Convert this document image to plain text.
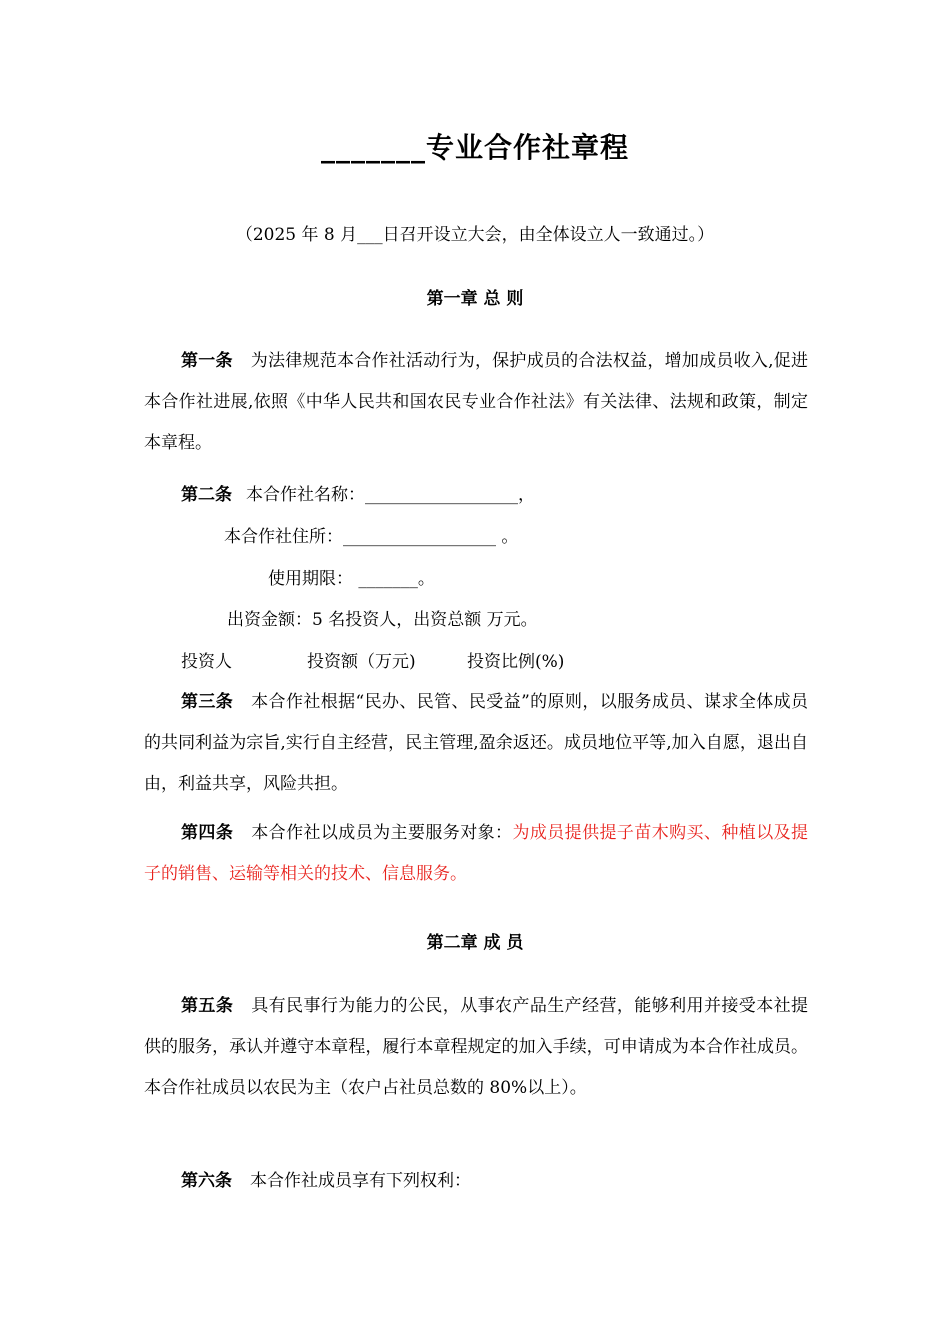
_______专业合作社章程
（2025 年 8 月___日召开设立大会，由全体设立人一致通过。）
第一章 总 则
第一条 为法律规范本合作社活动行为，保护成员的合法权益，增加成员收入,促进本合作社进展,依照《中华人民共和国农民专业合作社法》有关法律、法规和政策，制定本章程。
第二条 本合作社名称：__________________，
本合作社住所：__________________ 。
使用期限： _______。
出资金额：5 名投资人，出资总额 万元。
投资人	投资额（万元)	投资比例(%)
第三条 本合作社根据“民办、民管、民受益”的原则，以服务成员、谋求全体成员的共同利益为宗旨,实行自主经营，民主管理,盈余返还。成员地位平等,加入自愿，退出自由，利益共享，风险共担。
第四条 本合作社以成员为主要服务对象：为成员提供提子苗木购买、种植以及提子的销售、运输等相关的技术、信息服务。
第二章 成 员
第五条 具有民事行为能力的公民，从事农产品生产经营，能够利用并接受本社提供的服务，承认并遵守本章程，履行本章程规定的加入手续，可申请成为本合作社成员。本合作社成员以农民为主（农户占社员总数的 80%以上）。
第六条 本合作社成员享有下列权利：
